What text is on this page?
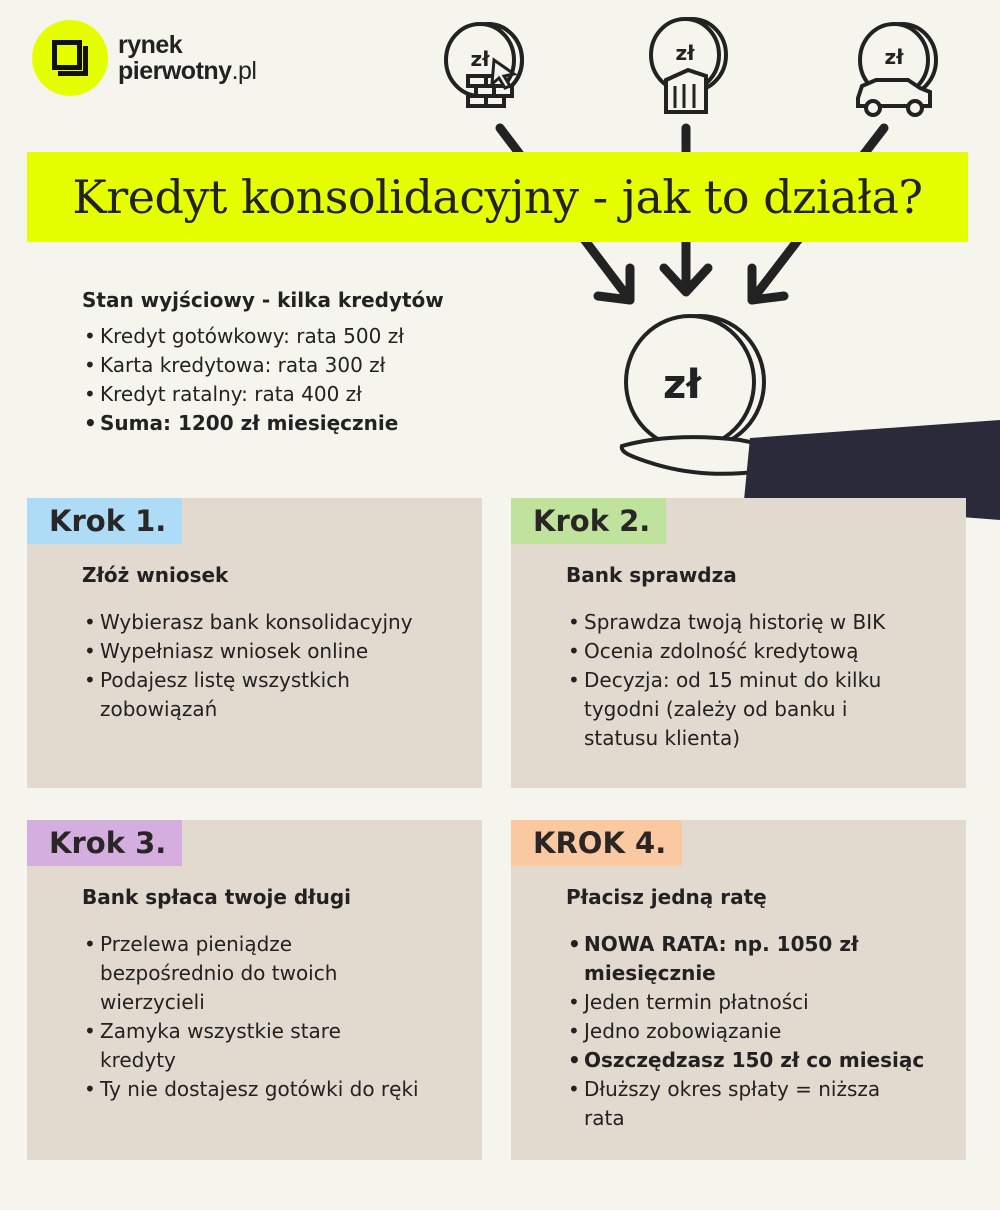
rynek
pierwotny.pl	zł	zł	zł
zł
Kredyt konsolidacyjny - jak to działa?
Stan wyjściowy - kilka kredytów
• Kredyt gotówkowy: rata 500 zł
• Karta kredytowa: rata 300 zł
• Kredyt ratalny: rata 400 zł
• Suma: 1200 zł miesięcznie
Krok 1.
Złóż wniosek
• Wybierasz bank konsolidacyjny
• Wypełniasz wniosek online
• Podajesz listę wszystkich zobowiązań
Krok 2.
Bank sprawdza
• Sprawdza twoją historię w BIK
• Ocenia zdolność kredytową
• Decyzja: od 15 minut do kilku tygodni (zależy od banku i statusu klienta)
Krok 3.
Bank spłaca twoje długi
• Przelewa pieniądze bezpośrednio do twoich wierzycieli
• Zamyka wszystkie stare kredyty
• Ty nie dostajesz gotówki do ręki
KROK 4.
Płacisz jedną ratę
• NOWA RATA: np. 1050 zł miesięcznie
• Jeden termin płatności
• Jedno zobowiązanie
• Oszczędzasz 150 zł co miesiąc
• Dłuższy okres spłaty = niższa rata
